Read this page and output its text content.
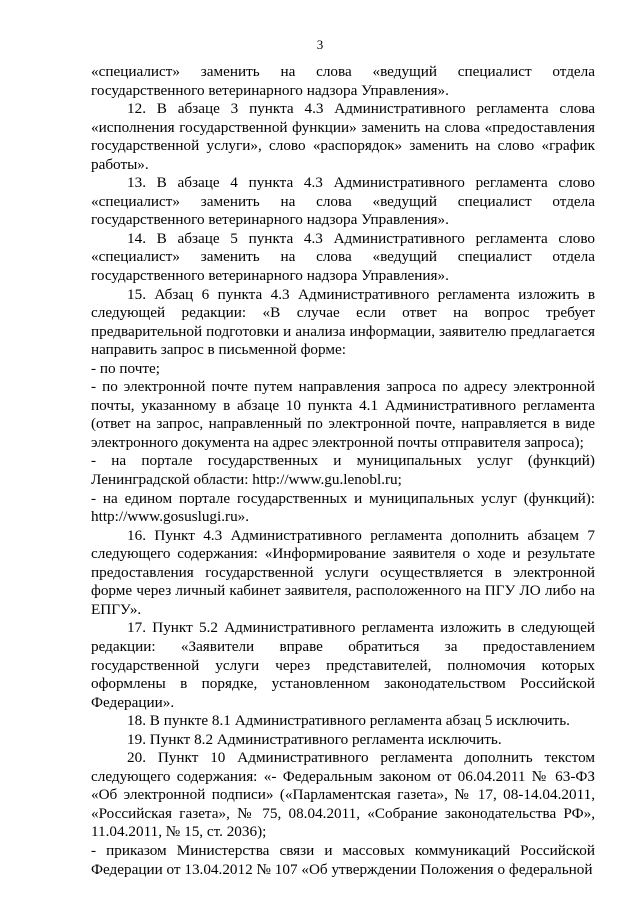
3

«специалист» заменить на слова «ведущий специалист отдела государственного ветеринарного надзора Управления».

12. В абзаце 3 пункта 4.3 Административного регламента слова «исполнения государственной функции» заменить на слова «предоставления государственной услуги», слово «распорядок» заменить на слово «график работы».

13. В абзаце 4 пункта 4.3 Административного регламента слово «специалист» заменить на слова «ведущий специалист отдела государственного ветеринарного надзора Управления».

14. В абзаце 5 пункта 4.3 Административного регламента слово «специалист» заменить на слова «ведущий специалист отдела государственного ветеринарного надзора Управления».

15. Абзац 6 пункта 4.3 Административного регламента изложить в следующей редакции: «В случае если ответ на вопрос требует предварительной подготовки и анализа информации, заявителю предлагается направить запрос в письменной форме:

- по почте;

- по электронной почте путем направления запроса по адресу электронной почты, указанному в абзаце 10 пункта 4.1 Административного регламента (ответ на запрос, направленный по электронной почте, направляется в виде электронного документа на адрес электронной почты отправителя запроса);

- на портале государственных и муниципальных услуг (функций) Ленинградской области: http://www.gu.lenobl.ru;

- на едином портале государственных и муниципальных услуг (функций): http://www.gosuslugi.ru».

16. Пункт 4.3 Административного регламента дополнить абзацем 7 следующего содержания: «Информирование заявителя о ходе и результате предоставления государственной услуги осуществляется в электронной форме через личный кабинет заявителя, расположенного на ПГУ ЛО либо на ЕПГУ».

17. Пункт 5.2 Административного регламента изложить в следующей редакции: «Заявители вправе обратиться за предоставлением государственной услуги через представителей, полномочия которых оформлены в порядке, установленном законодательством Российской Федерации».

18. В пункте 8.1 Административного регламента абзац 5 исключить.

19. Пункт 8.2 Административного регламента исключить.

20. Пункт 10 Административного регламента дополнить текстом следующего содержания: «- Федеральным законом от 06.04.2011 № 63-ФЗ «Об электронной подписи» («Парламентская газета», № 17, 08-14.04.2011, «Российская газета», № 75, 08.04.2011, «Собрание законодательства РФ», 11.04.2011, № 15, ст. 2036);

- приказом Министерства связи и массовых коммуникаций Российской Федерации от 13.04.2012 № 107 «Об утверждении Положения о федеральной
